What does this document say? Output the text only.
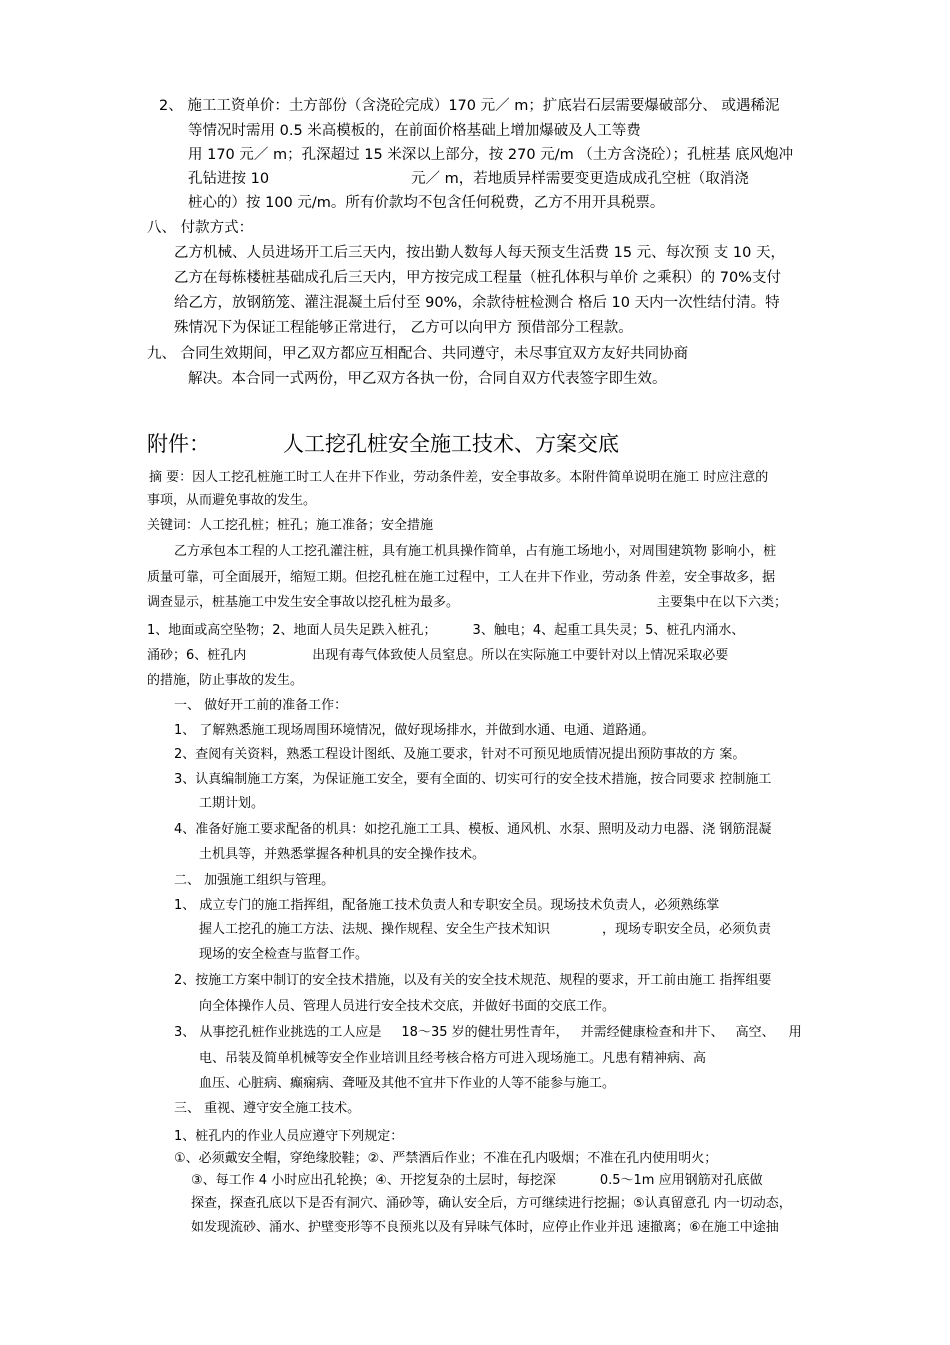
2、 施工工资单价：土方部份（含浇砼完成）170 元／ m；扩底岩石层需要爆破部分、 或遇稀泥

等情况时需用 0.5 米高模板的，在前面价格基础上增加爆破及人工等费

用 170 元／ m；孔深超过 15 米深以上部分，按 270 元/m （土方含浇砼）；孔桩基 底风炮冲

孔钻进按 10	元／ m，若地质异样需要变更造成成孔空桩（取消浇

桩心的）按 100 元/m。所有价款均不包含任何税费，乙方不用开具税票。

八、 付款方式：

乙方机械、人员进场开工后三天内，按出勤人数每人每天预支生活费 15 元、每次预 支 10 天，

乙方在每栋楼桩基础成孔后三天内，甲方按完成工程量（桩孔体积与单价 之乘积）的 70%支付

给乙方，放钢筋笼、灌注混凝土后付至 90%，余款待桩检测合 格后 10 天内一次性结付清。特

殊情况下为保证工程能够正常进行， 乙方可以向甲方 预借部分工程款。

九、 合同生效期间，甲乙双方都应互相配合、共同遵守，未尽事宜双方友好共同协商

解决。本合同一式两份，甲乙双方各执一份，合同自双方代表签字即生效。

附件：	人工挖孔桩安全施工技术、方案交底

摘 要：因人工挖孔桩施工时工人在井下作业，劳动条件差，安全事故多。本附件简单说明在施工 时应注意的

事项，从而避免事故的发生。

关键词：人工挖孔桩；桩孔；施工准备；安全措施

乙方承包本工程的人工挖孔灌注桩，具有施工机具操作简单，占有施工场地小，对周围建筑物 影响小，桩

质量可靠，可全面展开，缩短工期。但挖孔桩在施工过程中，工人在井下作业，劳动条 件差，安全事故多，据

调查显示，桩基施工中发生安全事故以挖孔桩为最多。	主要集中在以下六类；

1、地面或高空坠物；2、地面人员失足跌入桩孔；	3、触电；4、起重工具失灵；5、桩孔内涌水、

涌砂；6、桩孔内	出现有毒气体致使人员窒息。所以在实际施工中要针对以上情况采取必要

的措施，防止事故的发生。

一、 做好开工前的准备工作：

1、 了解熟悉施工现场周围环境情况，做好现场排水，并做到水通、电通、道路通。

2、查阅有关资料，熟悉工程设计图纸、及施工要求，针对不可预见地质情况提出预防事故的方 案。

3、认真编制施工方案，为保证施工安全，要有全面的、切实可行的安全技术措施，按合同要求 控制施工

工期计划。

4、准备好施工要求配备的机具：如挖孔施工工具、模板、通风机、水泵、照明及动力电器、浇 钢筋混凝

土机具等，并熟悉掌握各种机具的安全操作技术。

二、 加强施工组织与管理。

1、 成立专门的施工指挥组，配备施工技术负责人和专职安全员。现场技术负责人，必须熟练掌

握人工挖孔的施工方法、法规、操作规程、安全生产技术知识	，现场专职安全员，必须负责

现场的安全检查与监督工作。

2、按施工方案中制订的安全技术措施，以及有关的安全技术规范、规程的要求，开工前由施工 指挥组要

向全体操作人员、管理人员进行安全技术交底，并做好书面的交底工作。

3、 从事挖孔桩作业挑选的工人应是 18～35 岁的健壮男性青年， 并需经健康检查和井下、 高空、 用

电、吊装及简单机械等安全作业培训且经考核合格方可进入现场施工。凡患有精神病、高

血压、心脏病、癫痫病、聋哑及其他不宜井下作业的人等不能参与施工。

三、 重视、遵守安全施工技术。

1、桩孔内的作业人员应遵守下列规定：

①、必须戴安全帽，穿绝缘胶鞋；②、严禁酒后作业；不准在孔内吸烟；不准在孔内使用明火；

③、每工作 4 小时应出孔轮换；④、开挖复杂的土层时，每挖深	0.5～1m 应用钢筋对孔底做

探查，探查孔底以下是否有洞穴、涌砂等，确认安全后，方可继续进行挖掘；⑤认真留意孔 内一切动态，

如发现流砂、涌水、护壁变形等不良预兆以及有异味气体时，应停止作业并迅 速撤离；⑥在施工中途抽
